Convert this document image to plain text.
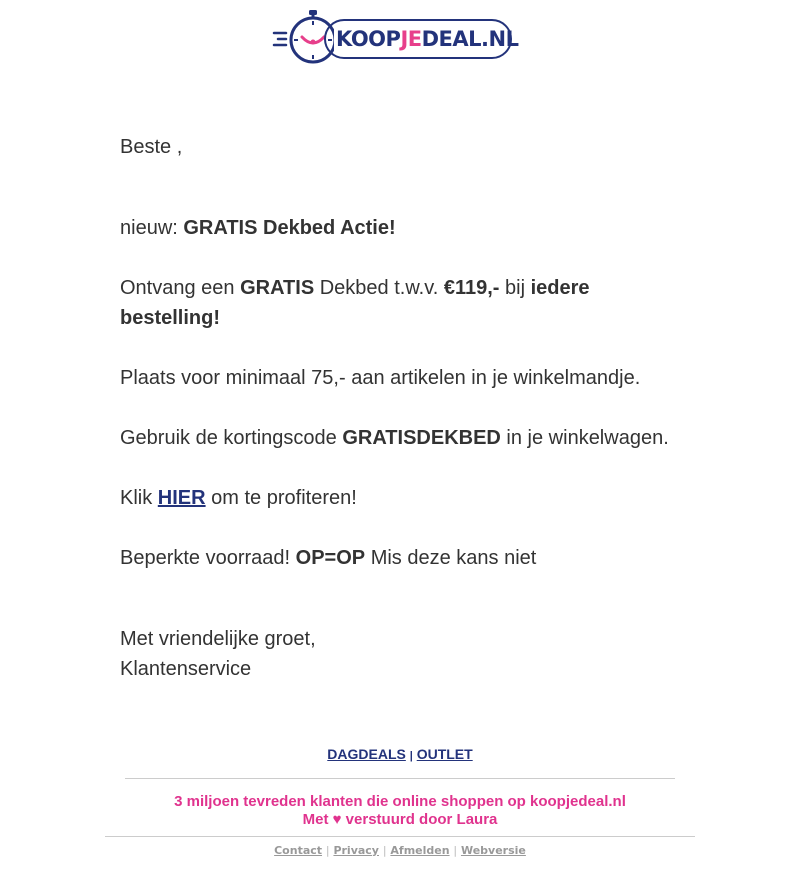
KOOPJEDEAL.NL
Beste ,
nieuw: GRATIS Dekbed Actie!
Ontvang een GRATIS Dekbed t.w.v. €119,- bij iedere bestelling!
Plaats voor minimaal 75,- aan artikelen in je winkelmandje.
Gebruik de kortingscode GRATISDEKBED in je winkelwagen.
Klik HIER om te profiteren!
Beperkte voorraad! OP=OP Mis deze kans niet
Met vriendelijke groet,
Klantenservice
DAGDEALS | OUTLET
3 miljoen tevreden klanten die online shoppen op koopjedeal.nl
Met ♥ verstuurd door Laura
Contact | Privacy | Afmelden | Webversie
